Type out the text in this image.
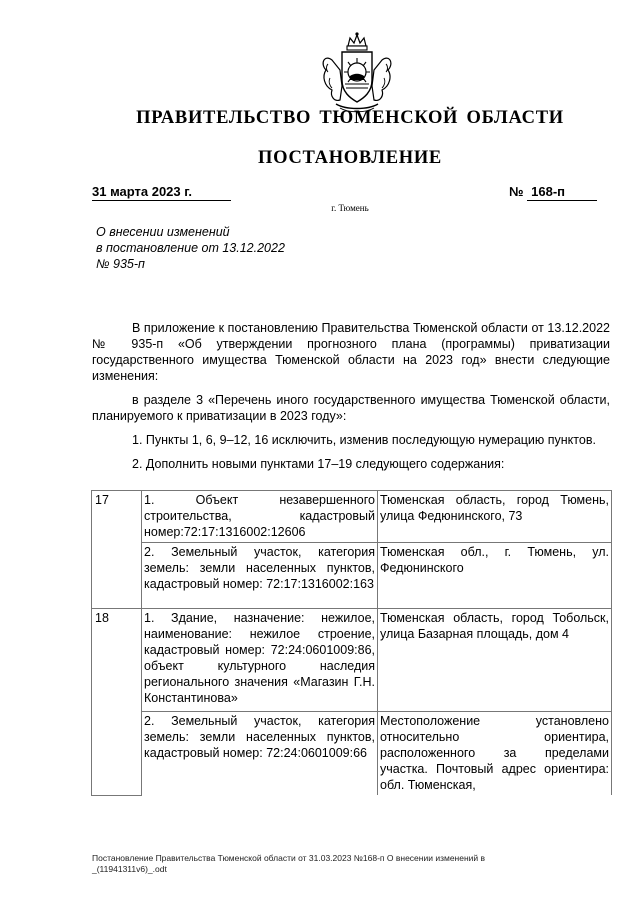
ПРАВИТЕЛЬСТВО ТЮМЕНСКОЙ ОБЛАСТИ
ПОСТАНОВЛЕНИЕ
31 марта 2023 г.	№ 168-п
г. Тюмень
О внесении изменений
в постановление от 13.12.2022
№ 935-п

В приложение к постановлению Правительства Тюменской области от 13.12.2022 № 935-п «Об утверждении прогнозного плана (программы) приватизации государственного имущества Тюменской области на 2023 год» внести следующие изменения:

в разделе 3 «Перечень иного государственного имущества Тюменской области, планируемого к приватизации в 2023 году»:

1. Пункты 1, 6, 9–12, 16 исключить, изменив последующую нумерацию пунктов.

2. Дополнить новыми пунктами 17–19 следующего содержания:

17	1. Объект незавершенного строительства, кадастровый номер:72:17:1316002:12606	Тюменская область, город Тюмень, улица Федюнинского, 73
	2. Земельный участок, категория земель: земли населенных пунктов, кадастровый номер: 72:17:1316002:163	Тюменская обл., г. Тюмень, ул. Федюнинского
18	1. Здание, назначение: нежилое, наименование: нежилое строение, кадастровый номер: 72:24:0601009:86, объект культурного наследия регионального значения «Магазин Г.Н. Константинова»	Тюменская область, город Тобольск, улица Базарная площадь, дом 4
	2. Земельный участок, категория земель: земли населенных пунктов, кадастровый номер: 72:24:0601009:66	Местоположение установлено относительно ориентира, расположенного за пределами участка. Почтовый адрес ориентира: обл. Тюменская,
Постановление Правительства Тюменской области от 31.03.2023 №168-п О внесении изменений в
_(11941311v6)_.odt
